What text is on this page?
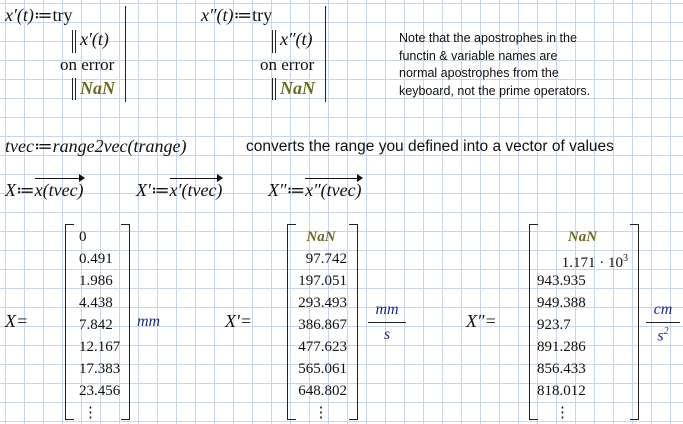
x′(t)≔try
x′(t)
on error
NaN
x″(t)≔try
x″(t)
on error
NaN
Note that the apostrophes in the
functin & variable names are
normal apostrophes from the
keyboard, not the prime operators.
tvec≔range2vec(trange)	converts the range you defined into a vector of values
X≔x(tvec)	X′≔x′(tvec)	X″≔x″(tvec)
X=
0
0.491
1.986
4.438
7.842
12.167
17.383
23.456
⋮
mm	X′=
NaN
97.742
197.051
293.493
386.867
477.623
565.061
648.802
⋮
mm
s
X″=
NaN
$1.171 \cdot 10^3$
943.935
949.388
923.7
891.286
856.433
818.012
⋮
cm
$s^2$
